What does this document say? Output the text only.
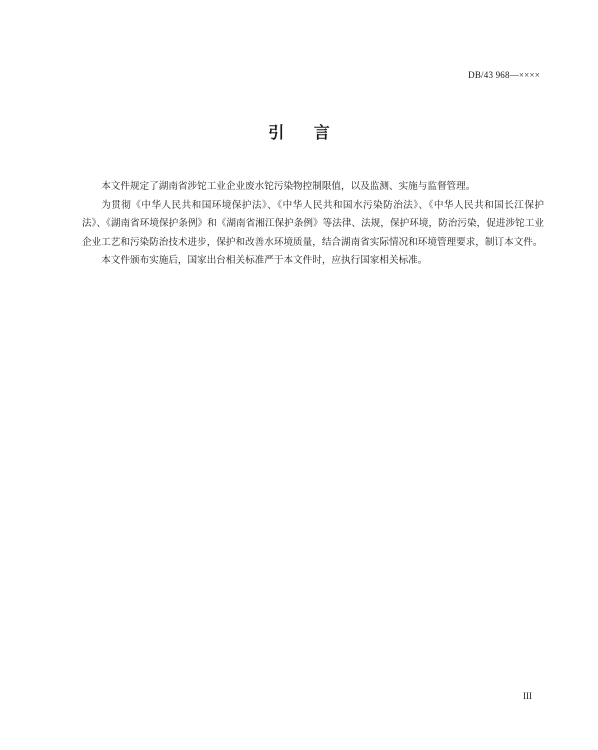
DB/43 968—××××
引 言

本文件规定了湖南省涉铊工业企业废水铊污染物控制限值，以及监测、实施与监督管理。

为贯彻《中华人民共和国环境保护法》、《中华人民共和国水污染防治法》、《中华人民共和国长江保护法》、《湖南省环境保护条例》和《湖南省湘江保护条例》等法律、法规，保护环境，防治污染，促进涉铊工业企业工艺和污染防治技术进步，保护和改善水环境质量，结合湖南省实际情况和环境管理要求，制订本文件。

本文件颁布实施后，国家出台相关标准严于本文件时，应执行国家相关标准。

III
